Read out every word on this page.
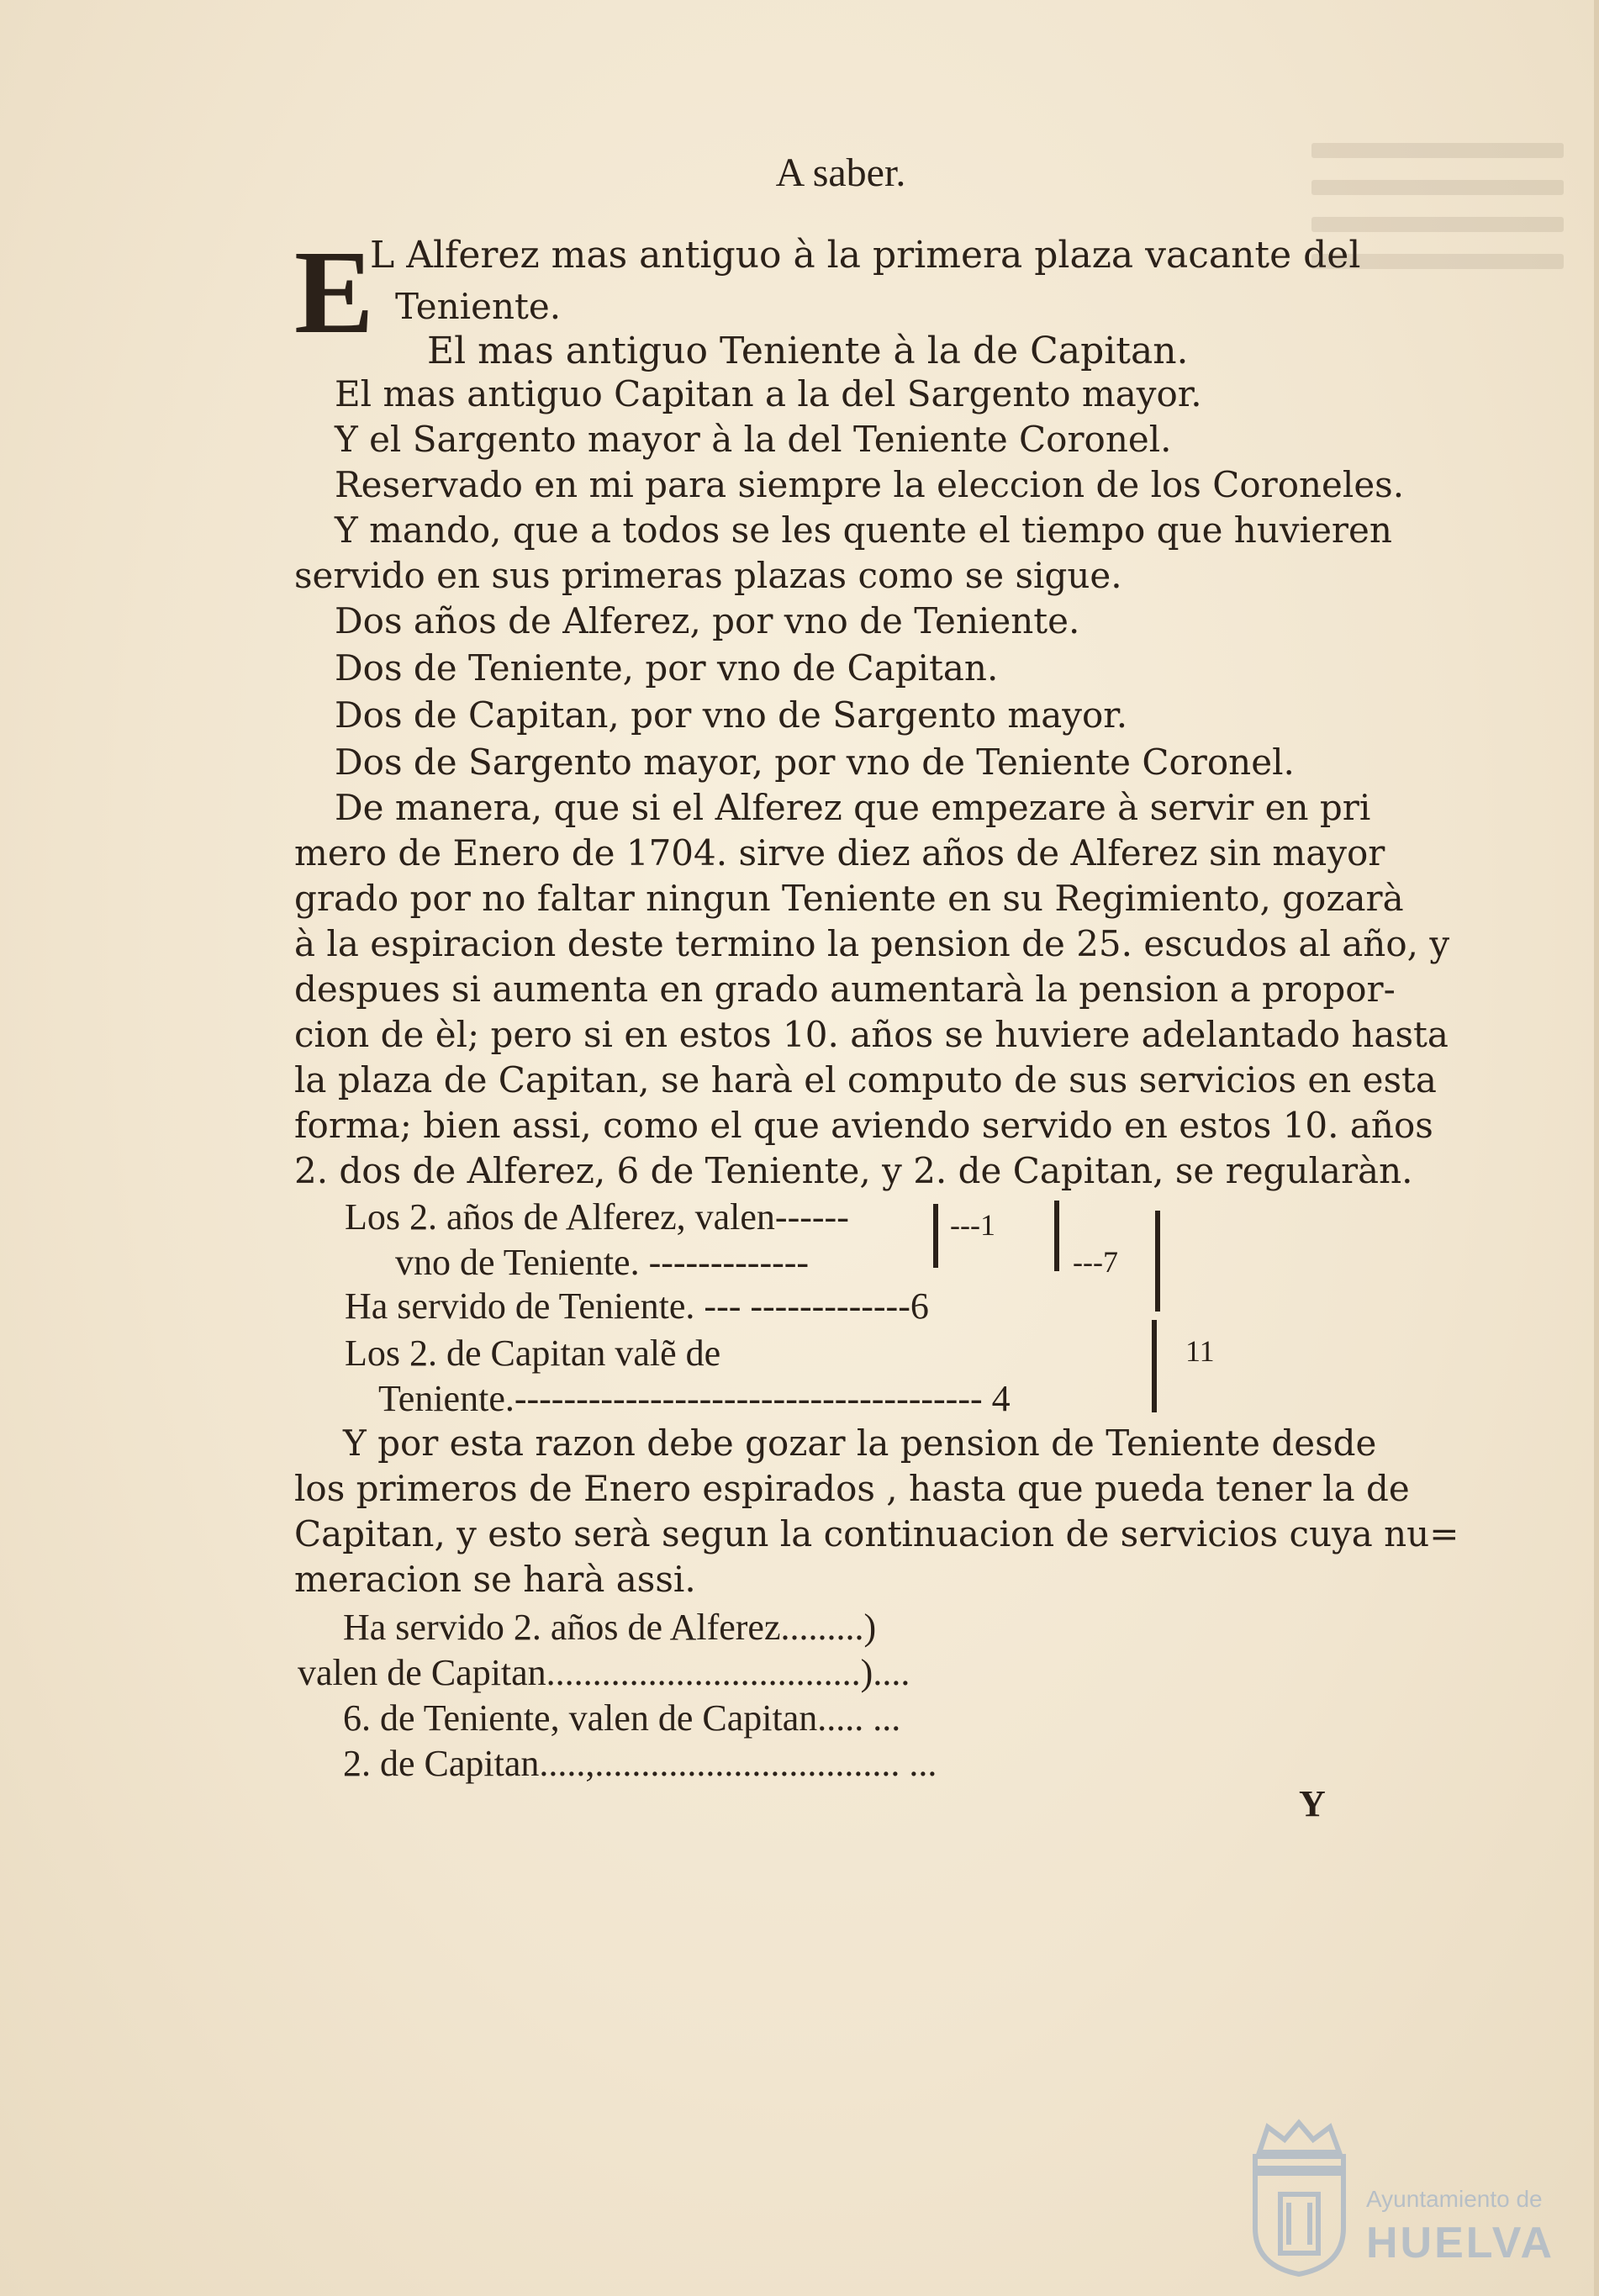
A saber.
E
L Alferez mas antiguo à la primera plaza vacante del
Teniente.
El mas antiguo Teniente à la de Capitan.
El mas antiguo Capitan a la del Sargento mayor.
Y el Sargento mayor à la del Teniente Coronel.
Reservado en mi para siempre la eleccion de los Coroneles.
Y mando, que a todos se les quente el tiempo que huvieren
servido en sus primeras plazas como se sigue.
Dos años de Alferez, por vno de Teniente.
Dos de Teniente, por vno de Capitan.
Dos de Capitan, por vno de Sargento mayor.
Dos de Sargento mayor, por vno de Teniente Coronel.
De manera, que si el Alferez que empezare à servir en pri
mero de Enero de 1704. sirve diez años de Alferez sin mayor
grado por no faltar ningun Teniente en su Regimiento, gozarà
à la espiracion deste termino la pension de 25. escudos al año, y
despues si aumenta en grado aumentarà la pension a propor-
cion de èl; pero si en estos 10. años se huviere adelantado hasta
la plaza de Capitan, se harà el computo de sus servicios en esta
forma; bien assi, como el que aviendo servido en estos 10. años
2. dos de Alferez, 6 de Teniente, y 2. de Capitan, se regularàn.
Los 2. años de Alferez, valen------	---1
vno de Teniente. -------------	---7
Ha servido de Teniente. --- -------------6
Los 2. de Capitan valẽ de	11
Teniente.-------------------------------------- 4
Y por esta razon debe gozar la pension de Teniente desde
los primeros de Enero espirados , hasta que pueda tener la de
Capitan, y esto serà segun la continuacion de servicios cuya nu=
meracion se harà assi.
Ha servido 2. años de Alferez.........)
valen de Capitan..................................)....
6. de Teniente, valen de Capitan..... ...
2. de Capitan.....,................................. ...
Y
Ayuntamiento de
HUELVA
